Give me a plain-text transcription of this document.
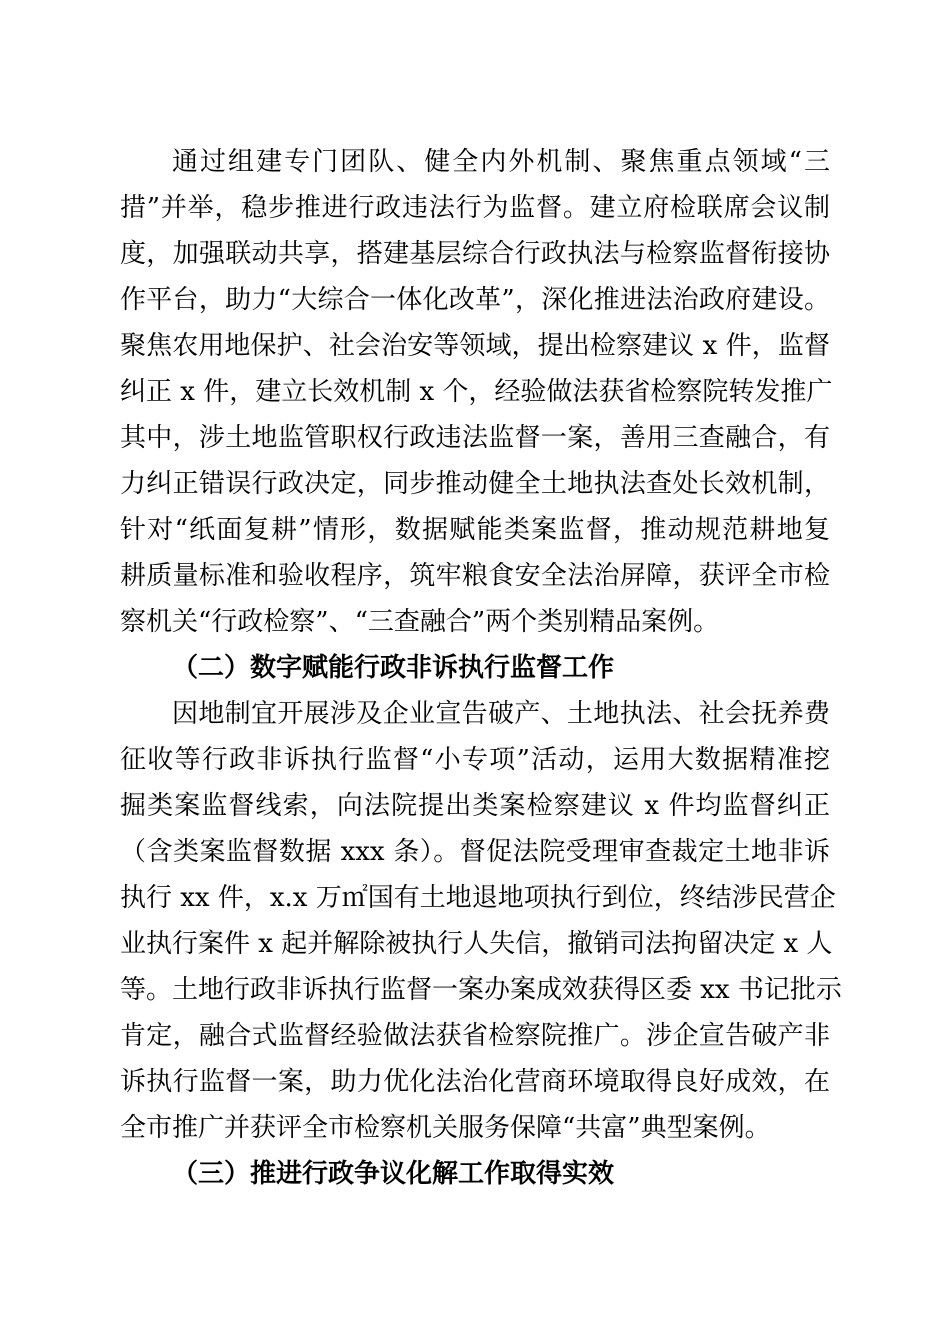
通过组建专门团队、健全内外机制、聚焦重点领域“三
措”并举，稳步推进行政违法行为监督。建立府检联席会议制
度，加强联动共享，搭建基层综合行政执法与检察监督衔接协
作平台，助力“大综合一体化改革”，深化推进法治政府建设。
聚焦农用地保护、社会治安等领域，提出检察建议 x 件，监督
纠正 x 件，建立长效机制 x 个，经验做法获省检察院转发推广
其中，涉土地监管职权行政违法监督一案，善用三查融合，有
力纠正错误行政决定，同步推动健全土地执法查处长效机制，
针对“纸面复耕”情形，数据赋能类案监督，推动规范耕地复
耕质量标准和验收程序，筑牢粮食安全法治屏障，获评全市检
察机关“行政检察”、“三查融合”两个类别精品案例。
（二）数字赋能行政非诉执行监督工作
因地制宜开展涉及企业宣告破产、土地执法、社会抚养费
征收等行政非诉执行监督“小专项”活动，运用大数据精准挖
掘类案监督线索，向法院提出类案检察建议 x 件均监督纠正
（含类案监督数据 xxx 条）。督促法院受理审查裁定土地非诉
执行 xx 件，x.x 万㎡国有土地退地项执行到位，终结涉民营企
业执行案件 x 起并解除被执行人失信，撤销司法拘留决定 x 人
等。土地行政非诉执行监督一案办案成效获得区委 xx 书记批示
肯定，融合式监督经验做法获省检察院推广。涉企宣告破产非
诉执行监督一案，助力优化法治化营商环境取得良好成效，在
全市推广并获评全市检察机关服务保障“共富”典型案例。
（三）推进行政争议化解工作取得实效
